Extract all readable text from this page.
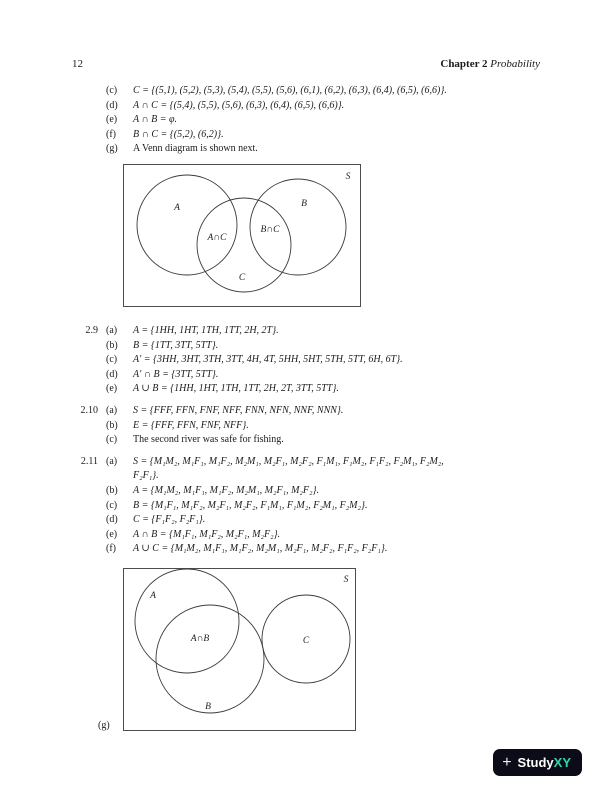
12	Chapter 2 Probability
(c)	C = {(5,1), (5,2), (5,3), (5,4), (5,5), (5,6), (6,1), (6,2), (6,3), (6,4), (6,5), (6,6)}.
(d)	A ∩ C = {(5,4), (5,5), (5,6), (6,3), (6,4), (6,5), (6,6)}.
(e)	A ∩ B = φ.
(f)	B ∩ C = {(5,2), (6,2)}.
(g)	A Venn diagram is shown next.
S
A	B
C
A∩C
B∩C
2.9 (a)	A = {1HH, 1HT, 1TH, 1TT, 2H, 2T}.
(b)	B = {1TT, 3TT, 5TT}.
(c)	A′ = {3HH, 3HT, 3TH, 3TT, 4H, 4T, 5HH, 5HT, 5TH, 5TT, 6H, 6T}.
(d)	A′ ∩ B = {3TT, 5TT}.
(e)	A ∪ B = {1HH, 1HT, 1TH, 1TT, 2H, 2T, 3TT, 5TT}.
2.10 (a)	S = {FFF, FFN, FNF, NFF, FNN, NFN, NNF, NNN}.
(b)	E = {FFF, FFN, FNF, NFF}.
(c)	The second river was safe for fishing.
2.11 (a)	S = {M₁M₂, M₁F₁, M₁F₂, M₂M₁, M₂F₁, M₂F₂, F₁M₁, F₁M₂, F₁F₂, F₂M₁, F₂M₂,
F₂F₁}.
(b)	A = {M₁M₂, M₁F₁, M₁F₂, M₂M₁, M₂F₁, M₂F₂}.
(c)	B = {M₁F₁, M₁F₂, M₂F₁, M₂F₂, F₁M₁, F₁M₂, F₂M₁, F₂M₂}.
(d)	C = {F₁F₂, F₂F₁}.
(e)	A ∩ B = {M₁F₁, M₁F₂, M₂F₁, M₂F₂}.
(f)	A ∪ C = {M₁M₂, M₁F₁, M₁F₂, M₂M₁, M₂F₁, M₂F₂, F₁F₂, F₂F₁}.
S
A
A∩B
B
C
(g)
+ StudyXY
